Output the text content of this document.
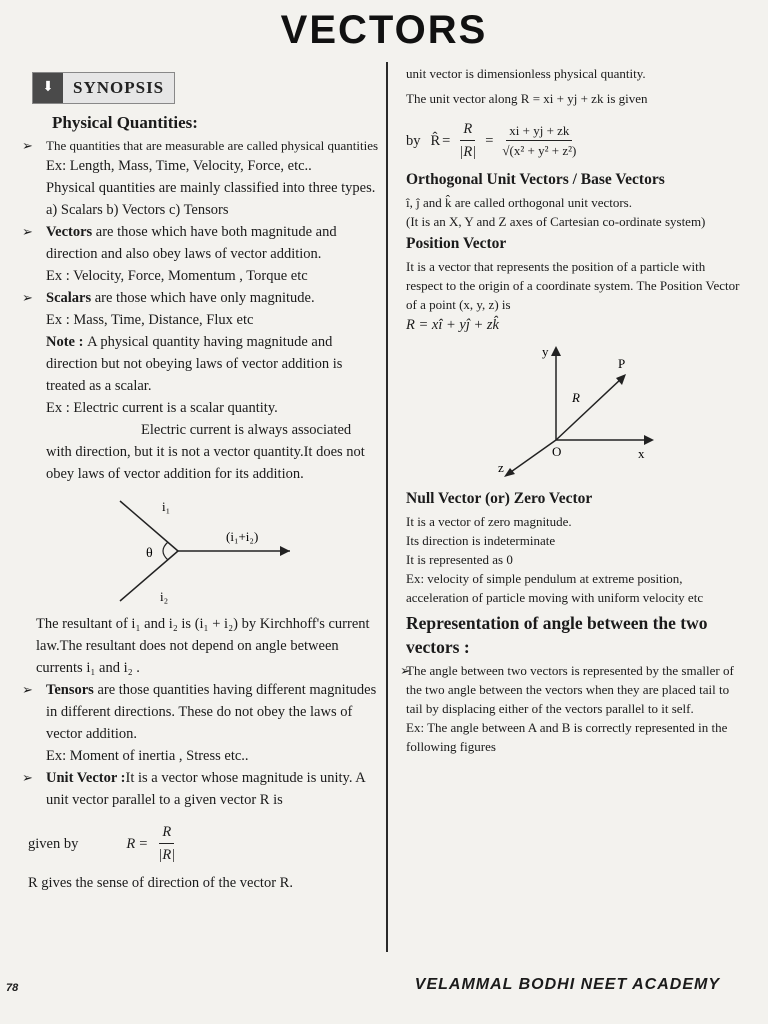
VECTORS
⬇	SYNOPSIS
Physical Quantities:

➢ The quantities that are measurable are called physical quantities

Ex: Length, Mass, Time, Velocity, Force, etc..

Physical quantities are mainly classified into three types. a) Scalars b) Vectors c) Tensors

➢ Vectors are those which have both magnitude and direction and also obey laws of vector addition.

Ex : Velocity, Force, Momentum , Torque etc

➢ Scalars are those which have only magnitude.

Ex : Mass, Time, Distance, Flux etc

Note : A physical quantity having magnitude and direction but not obeying laws of vector addition is treated as a scalar.

Ex : Electric current is a scalar quantity.

Electric current is always associated with direction, but it is not a vector quantity.It does not obey laws of vector addition for its addition.

i₁
i₂
θ
(i₁+i₂)

The resultant of i₁ and i₂ is (i₁ + i₂) by Kirchhoff's current law.The resultant does not depend on angle between currents i₁ and i₂ .

➢ Tensors are those quantities having different magnitudes in different directions. These do not obey the laws of vector addition.

Ex: Moment of inertia , Stress etc..

➢ Unit Vector :It is a vector whose magnitude is unity. A unit vector parallel to a given vector R is

given by	$R = \frac{R}{|R|}$

R gives the sense of direction of the vector R.

unit vector is dimensionless physical quantity.

The unit vector along R = xi + yj + zk is given

by R̂ = $\frac{R}{|R|} = \frac{xi + yj + zk}{\text{√(x² + y² + z²)}}$
Orthogonal Unit Vectors / Base Vectors

î, ĵ and k̂ are called orthogonal unit vectors.

(It is an X, Y and Z axes of Cartesian co-ordinate system)

Position Vector

It is a vector that represents the position of a particle with respect to the origin of a coordinate system. The Position Vector of a point (x, y, z) is

R = xî + yĵ + zk̂

y
x
z
O
P
R
Null Vector (or) Zero Vector

It is a vector of zero magnitude.

Its direction is indeterminate

It is represented as 0

Ex: velocity of simple pendulum at extreme position, acceleration of particle moving with uniform velocity etc

Representation of angle between the two vectors :

➢ The angle between two vectors is represented by the smaller of the two angle between the vectors when they are placed tail to tail by displacing either of the vectors parallel to it self.

Ex: The angle between A and B is correctly represented in the following figures

78	VELAMMAL BODHI NEET ACADEMY
